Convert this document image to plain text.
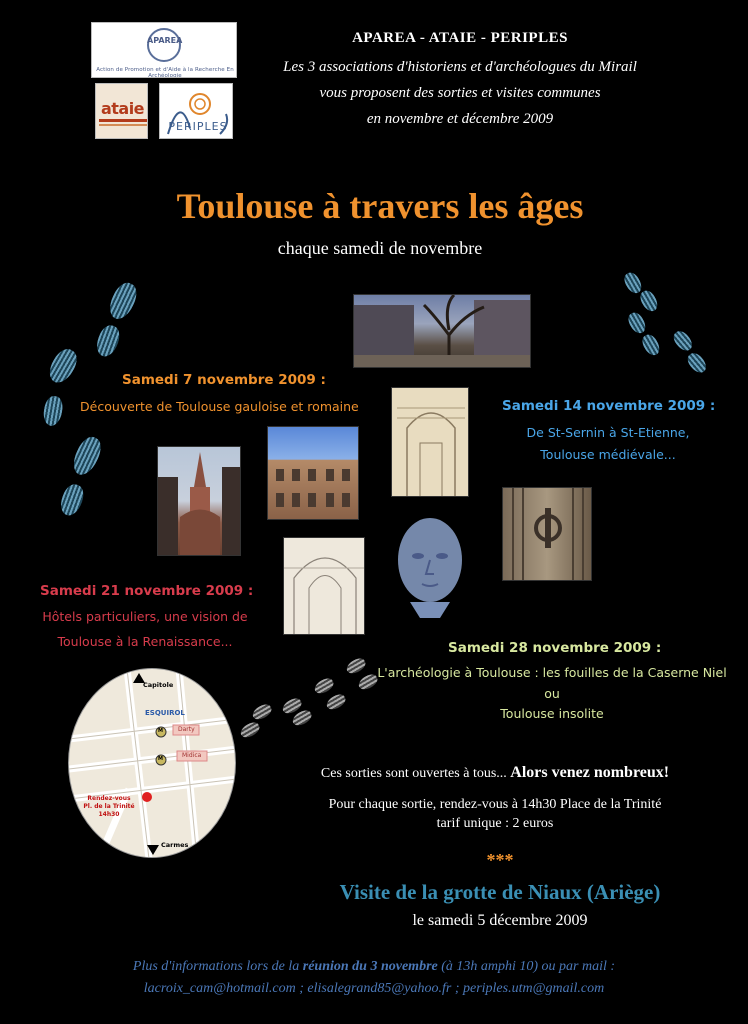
APAREA
Action de Promotion et d'Aide à la Recherche En Archéologie
ataie
PERIPLES
APAREA - ATAIE - PERIPLES
Les 3 associations d'historiens et d'archéologues du Mirail
vous proposent des sorties et visites communes
en novembre et décembre 2009
Toulouse à travers les âges
chaque samedi de novembre
Samedi 7 novembre 2009 :
Découverte de Toulouse gauloise et romaine	Samedi 14 novembre 2009 :
De St-Sernin à St-Etienne,
Toulouse médiévale...
Samedi 21 novembre 2009 :
Hôtels particuliers, une vision de
Toulouse à la Renaissance...	Samedi 28 novembre 2009 :
L'archéologie à Toulouse : les fouilles de la Caserne Niel
ou
Toulouse insolite
Capitole
ESQUIROL
M
M
Darty
Midica
Rendez-vous
Pl. de la Trinité
14h30
Carmes
Ces sorties sont ouvertes à tous... Alors venez nombreux!
Pour chaque sortie, rendez-vous à 14h30 Place de la Trinité
tarif unique : 2 euros
***
Visite de la grotte de Niaux (Ariège)
le samedi 5 décembre 2009
Plus d'informations lors de la réunion du 3 novembre (à 13h amphi 10) ou par mail :
lacroix_cam@hotmail.com ; elisalegrand85@yahoo.fr ; periples.utm@gmail.com
